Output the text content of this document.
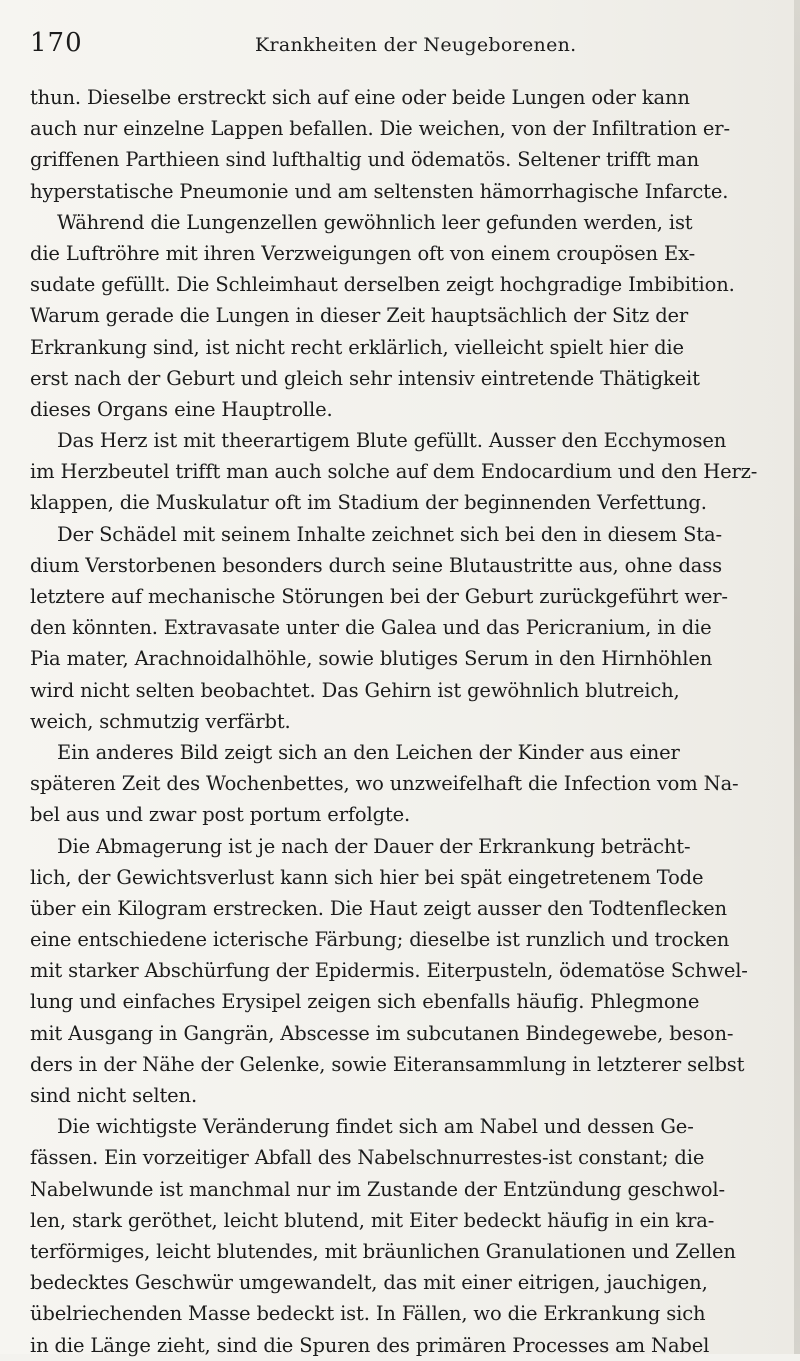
170	Krankheiten der Neugeborenen.
thun. Dieselbe erstreckt sich auf eine oder beide Lungen oder kann
auch nur einzelne Lappen befallen. Die weichen, von der Infiltration er-
griffenen Parthieen sind lufthaltig und ödematös. Seltener trifft man
hyperstatische Pneumonie und am seltensten hämorrhagische Infarcte.
Während die Lungenzellen gewöhnlich leer gefunden werden, ist
die Luftröhre mit ihren Verzweigungen oft von einem croupösen Ex-
sudate gefüllt. Die Schleimhaut derselben zeigt hochgradige Imbibition.
Warum gerade die Lungen in dieser Zeit hauptsächlich der Sitz der
Erkrankung sind, ist nicht recht erklärlich, vielleicht spielt hier die
erst nach der Geburt und gleich sehr intensiv eintretende Thätigkeit
dieses Organs eine Hauptrolle.
Das Herz ist mit theerartigem Blute gefüllt. Ausser den Ecchymosen
im Herzbeutel trifft man auch solche auf dem Endocardium und den Herz-
klappen, die Muskulatur oft im Stadium der beginnenden Verfettung.
Der Schädel mit seinem Inhalte zeichnet sich bei den in diesem Sta-
dium Verstorbenen besonders durch seine Blutaustritte aus, ohne dass
letztere auf mechanische Störungen bei der Geburt zurückgeführt wer-
den könnten. Extravasate unter die Galea und das Pericranium, in die
Pia mater, Arachnoidalhöhle, sowie blutiges Serum in den Hirnhöhlen
wird nicht selten beobachtet. Das Gehirn ist gewöhnlich blutreich,
weich, schmutzig verfärbt.
Ein anderes Bild zeigt sich an den Leichen der Kinder aus einer
späteren Zeit des Wochenbettes, wo unzweifelhaft die Infection vom Na-
bel aus und zwar post portum erfolgte.
Die Abmagerung ist je nach der Dauer der Erkrankung beträcht-
lich, der Gewichtsverlust kann sich hier bei spät eingetretenem Tode
über ein Kilogram erstrecken. Die Haut zeigt ausser den Todtenflecken
eine entschiedene icterische Färbung; dieselbe ist runzlich und trocken
mit starker Abschürfung der Epidermis. Eiterpusteln, ödematöse Schwel-
lung und einfaches Erysipel zeigen sich ebenfalls häufig. Phlegmone
mit Ausgang in Gangrän, Abscesse im subcutanen Bindegewebe, beson-
ders in der Nähe der Gelenke, sowie Eiteransammlung in letzterer selbst
sind nicht selten.
Die wichtigste Veränderung findet sich am Nabel und dessen Ge-
fässen. Ein vorzeitiger Abfall des Nabelschnurrestes-ist constant; die
Nabelwunde ist manchmal nur im Zustande der Entzündung geschwol-
len, stark geröthet, leicht blutend, mit Eiter bedeckt häufig in ein kra-
terförmiges, leicht blutendes, mit bräunlichen Granulationen und Zellen
bedecktes Geschwür umgewandelt, das mit einer eitrigen, jauchigen,
übelriechenden Masse bedeckt ist. In Fällen, wo die Erkrankung sich
in die Länge zieht, sind die Spuren des primären Processes am Nabel
